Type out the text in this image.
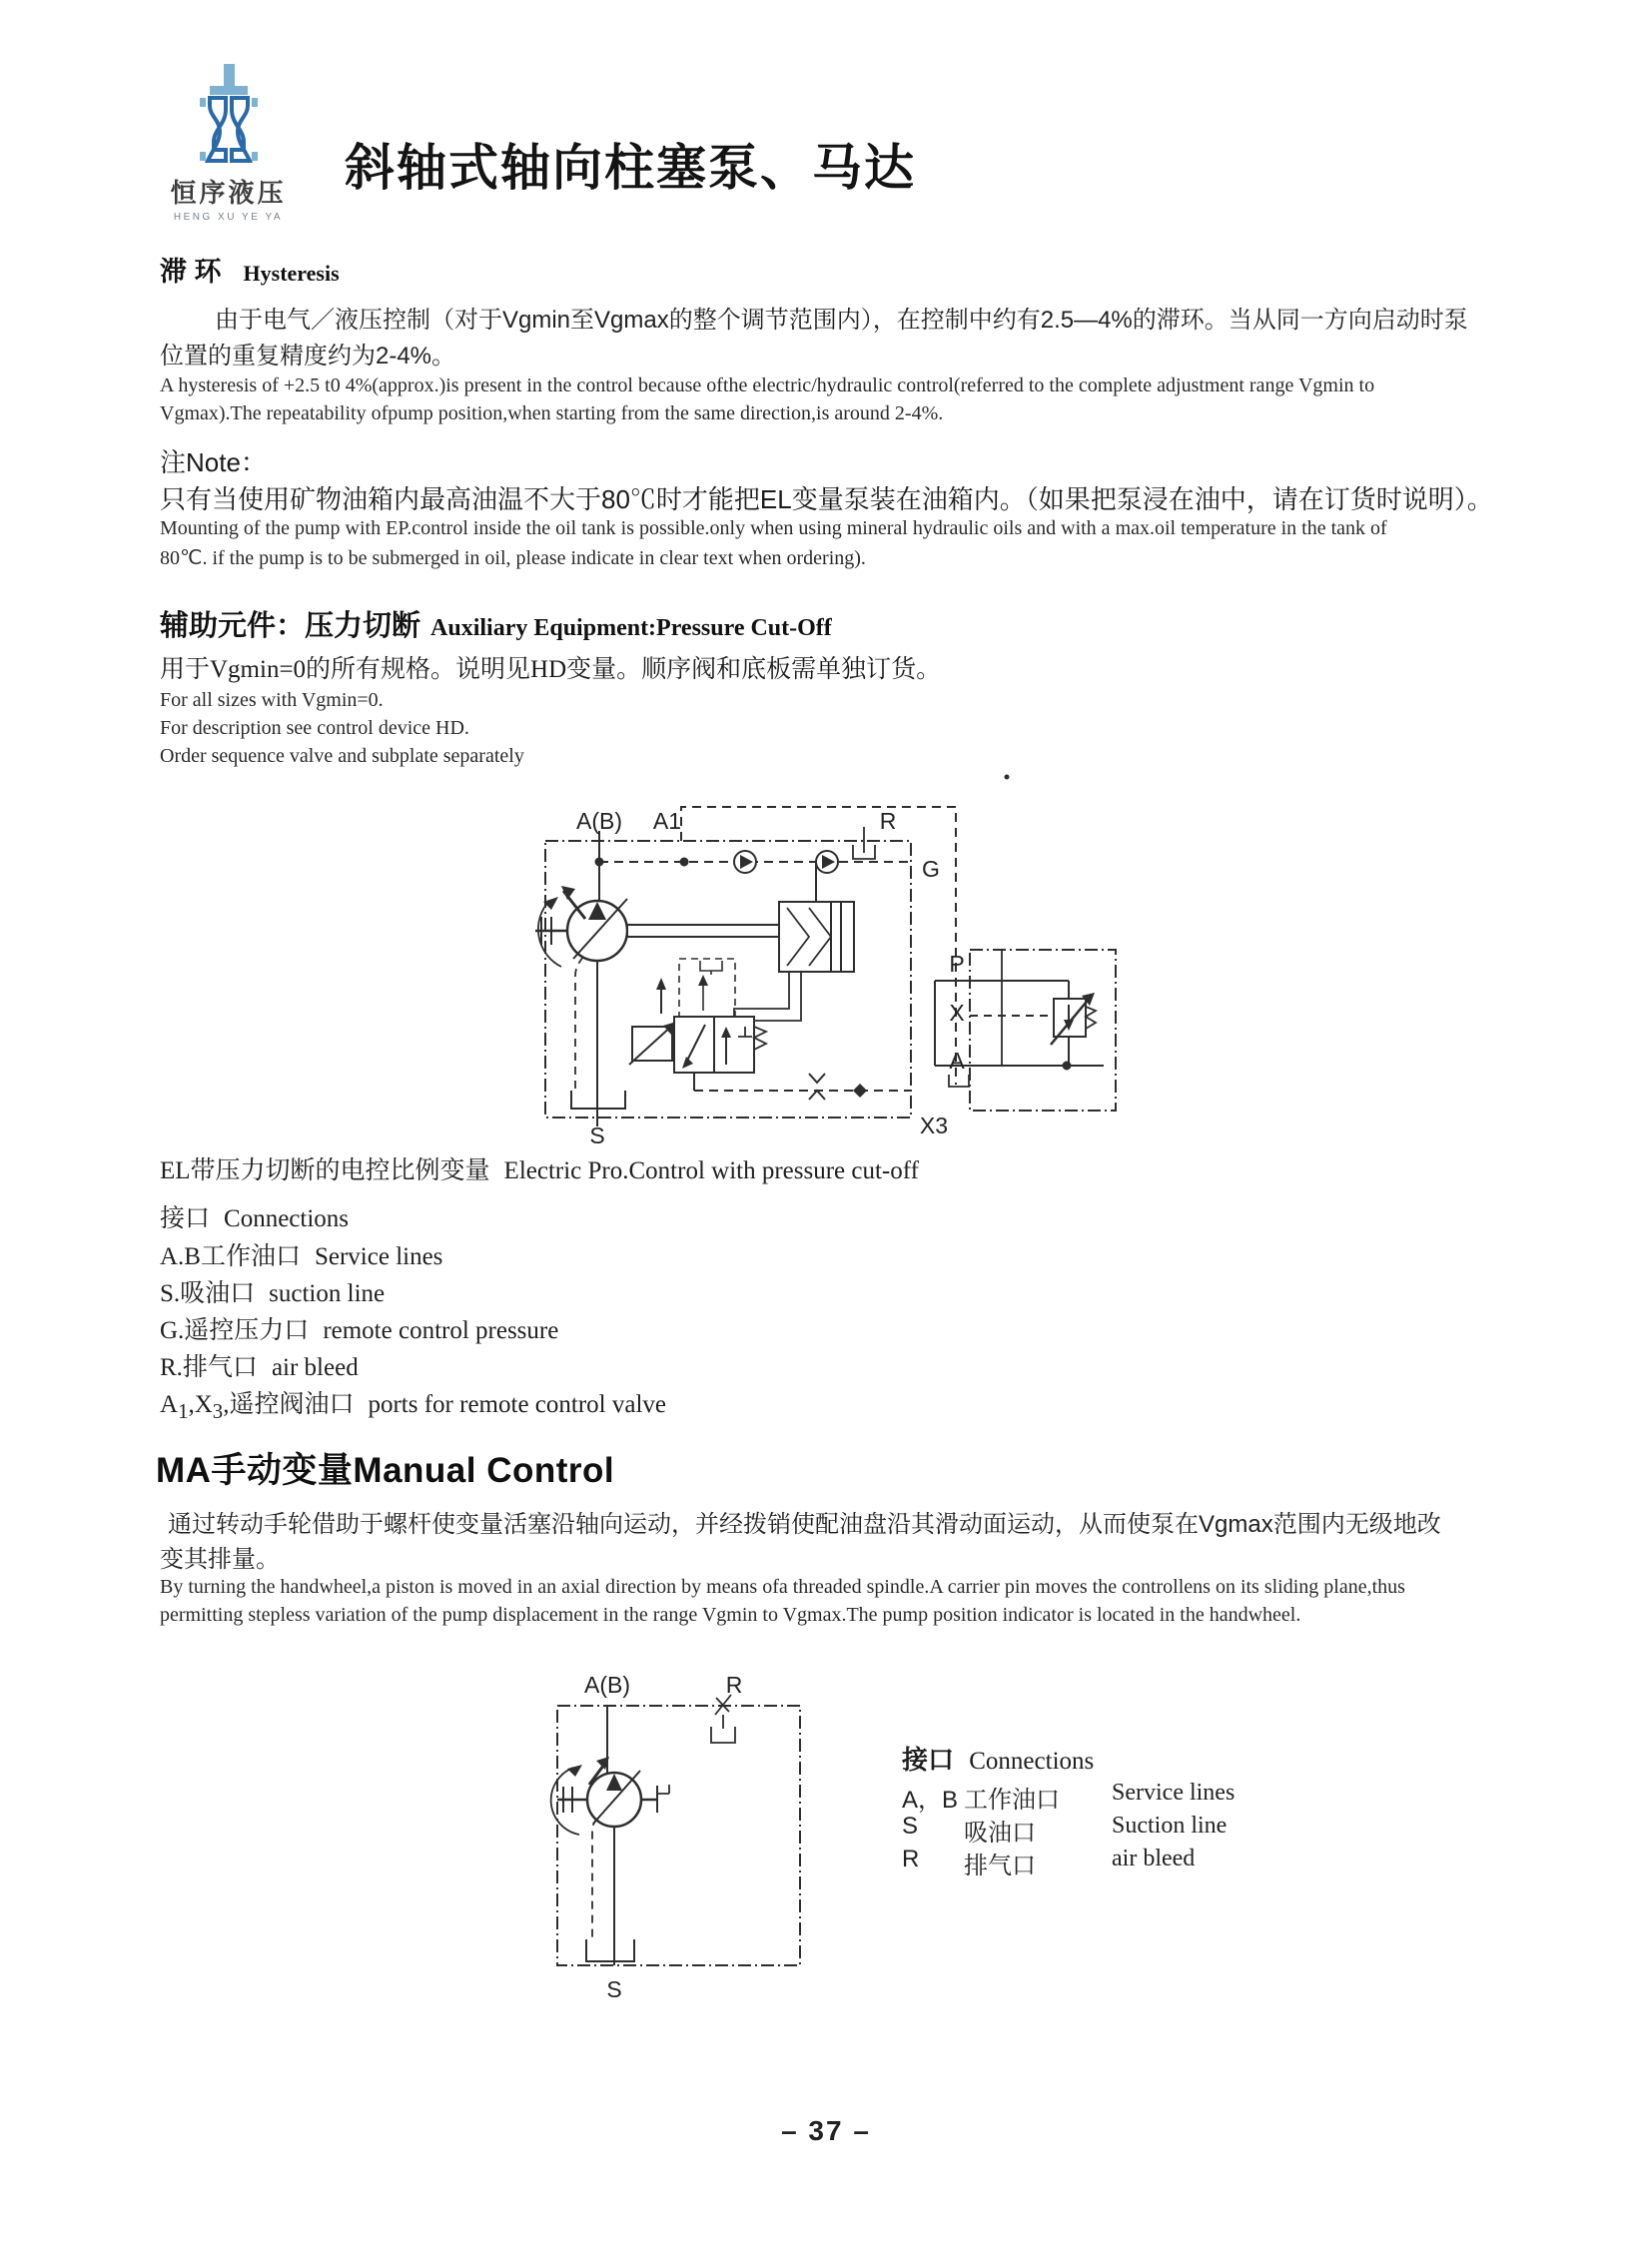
恒序液压
HENG XU YE YA
斜轴式轴向柱塞泵、马达
滞 环 Hysteresis
由于电气／液压控制（对于Vgmin至Vgmax的整个调节范围内），在控制中约有2.5—4%的滞环。当从同一方向启动时泵
位置的重复精度约为2-4%。
A hysteresis of +2.5 t0 4%(approx.)is present in the control because ofthe electric/hydraulic control(referred to the complete adjustment range Vgmin to
Vgmax).The repeatability ofpump position,when starting from the same direction,is around 2-4%.
注Note：
只有当使用矿物油箱内最高油温不大于80℃时才能把EL变量泵装在油箱内。（如果把泵浸在油中，请在订货时说明）。
Mounting of the pump with EP.control inside the oil tank is possible.only when using mineral hydraulic oils and with a max.oil temperature in the tank of
80℃. if the pump is to be submerged in oil, please indicate in clear text when ordering).
辅助元件：压力切断 Auxiliary Equipment:Pressure Cut-Off
用于Vgmin=0的所有规格。说明见HD变量。顺序阀和底板需单独订货。
For all sizes with Vgmin=0.
For description see control device HD.
Order sequence valve and subplate separately
A(B) A1	R
G
P
X
A
X3
S
EL带压力切断的电控比例变量 Electric Pro.Control with pressure cut-off
接口 Connections
A.B工作油口 Service lines
S.吸油口 suction line
G.遥控压力口 remote control pressure
R.排气口 air bleed
$A_1,X_3$,遥控阀油口 ports for remote control valve
MA手动变量Manual Control
通过转动手轮借助于螺杆使变量活塞沿轴向运动，并经拨销使配油盘沿其滑动面运动，从而使泵在Vgmax范围内无级地改
变其排量。
By turning the handwheel,a piston is moved in an axial direction by means ofa threaded spindle.A carrier pin moves the controllens on its sliding plane,thus
permitting stepless variation of the pump displacement in the range Vgmin to Vgmax.The pump position indicator is located in the handwheel.
A(B)	R
S
接口 Connections
A，B 工作油口	Service lines
S	吸油口	Suction line
R	排气口	air bleed
– 37 –
